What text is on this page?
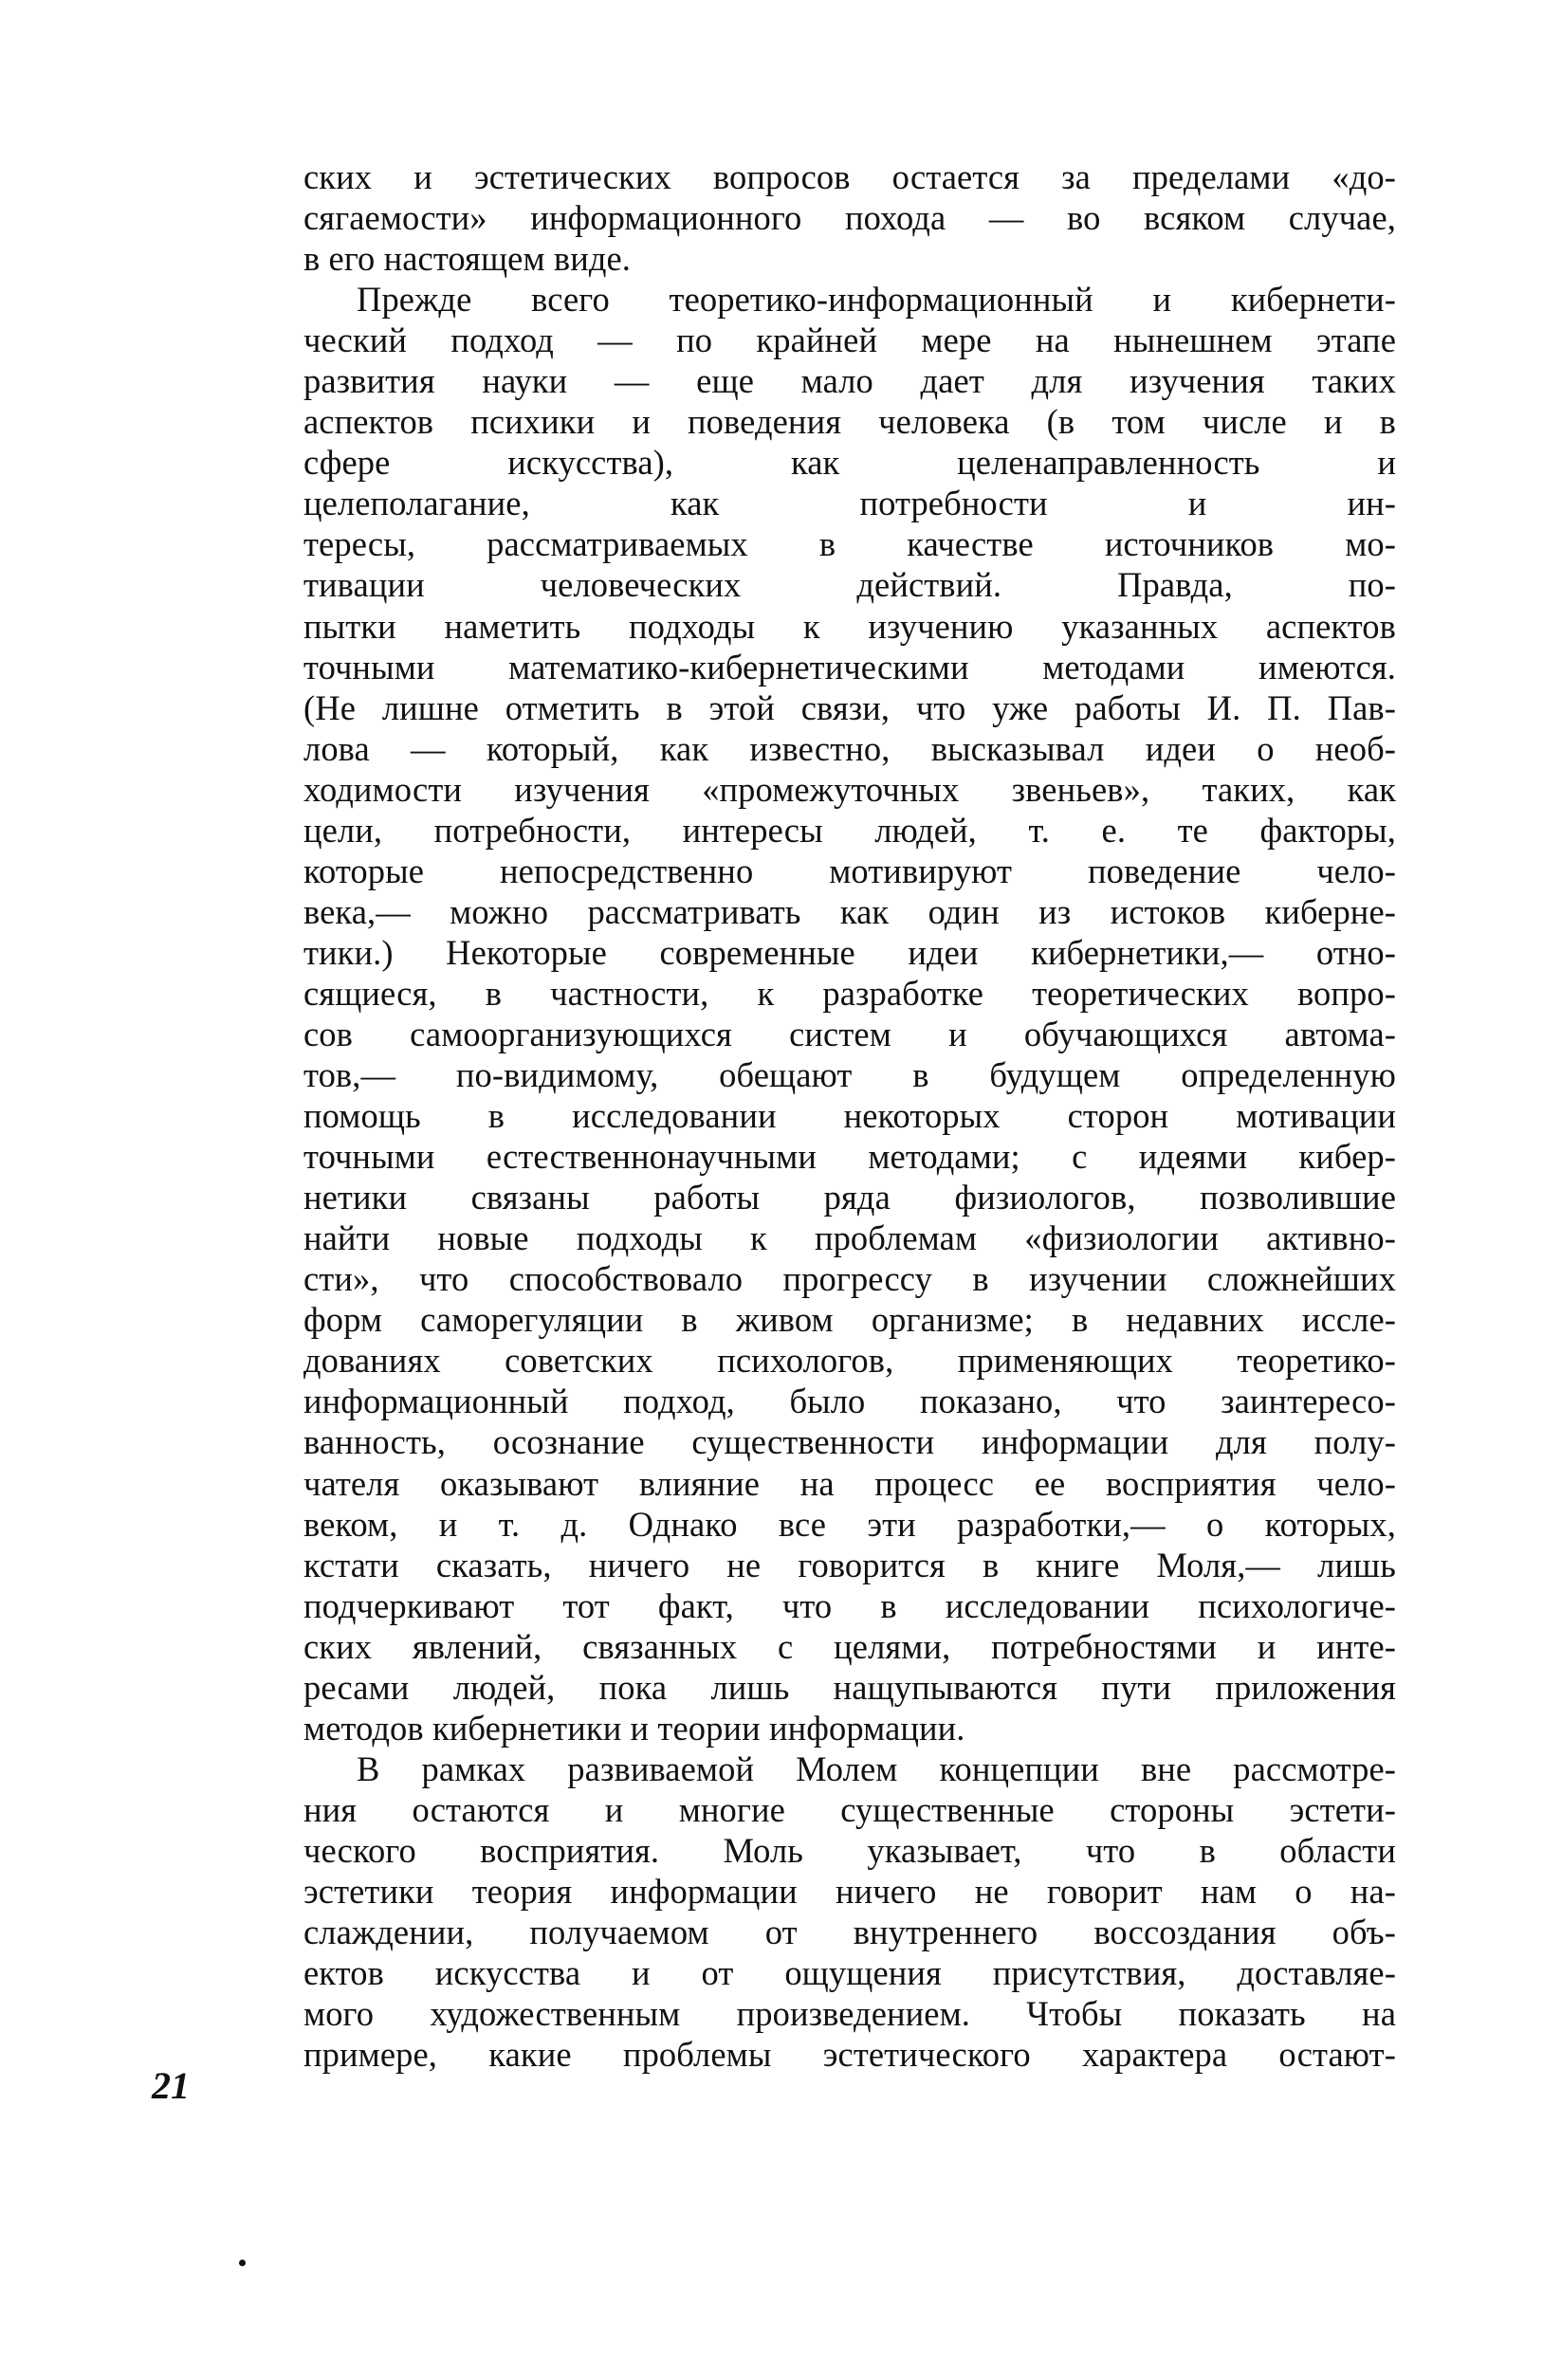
ских и эстетических вопросов остается за пределами «до-
сягаемости» информационного похода — во всяком случае,
в его настоящем виде.
Прежде всего теоретико-информационный и кибернети-
ческий подход — по крайней мере на нынешнем этапе
развития науки — еще мало дает для изучения таких
аспектов психики и поведения человека (в том числе и в
сфере искусства), как целенаправленность и
целеполагание, как потребности и ин-
тересы, рассматриваемых в качестве источников мо-
тивации человеческих действий. Правда, по-
пытки наметить подходы к изучению указанных аспектов
точными математико-кибернетическими методами имеются.
(Не лишне отметить в этой связи, что уже работы И. П. Пав-
лова — который, как известно, высказывал идеи о необ-
ходимости изучения «промежуточных звеньев», таких, как
цели, потребности, интересы людей, т. е. те факторы,
которые непосредственно мотивируют поведение чело-
века,— можно рассматривать как один из истоков киберне-
тики.) Некоторые современные идеи кибернетики,— отно-
сящиеся, в частности, к разработке теоретических вопро-
сов самоорганизующихся систем и обучающихся автома-
тов,— по-видимому, обещают в будущем определенную
помощь в исследовании некоторых сторон мотивации
точными естественнонаучными методами; с идеями кибер-
нетики связаны работы ряда физиологов, позволившие
найти новые подходы к проблемам «физиологии активно-
сти», что способствовало прогрессу в изучении сложнейших
форм саморегуляции в живом организме; в недавних иссле-
дованиях советских психологов, применяющих теоретико-
информационный подход, было показано, что заинтересо-
ванность, осознание существенности информации для полу-
чателя оказывают влияние на процесс ее восприятия чело-
веком, и т. д. Однако все эти разработки,— о которых,
кстати сказать, ничего не говорится в книге Моля,— лишь
подчеркивают тот факт, что в исследовании психологиче-
ских явлений, связанных с целями, потребностями и инте-
ресами людей, пока лишь нащупываются пути приложения
методов кибернетики и теории информации.
В рамках развиваемой Молем концепции вне рассмотре-
ния остаются и многие существенные стороны эстети-
ческого восприятия. Моль указывает, что в области
эстетики теория информации ничего не говорит нам о на-
слаждении, получаемом от внутреннего воссоздания объ-
ектов искусства и от ощущения присутствия, доставляе-
мого художественным произведением. Чтобы показать на
примере, какие проблемы эстетического характера остают-
21
